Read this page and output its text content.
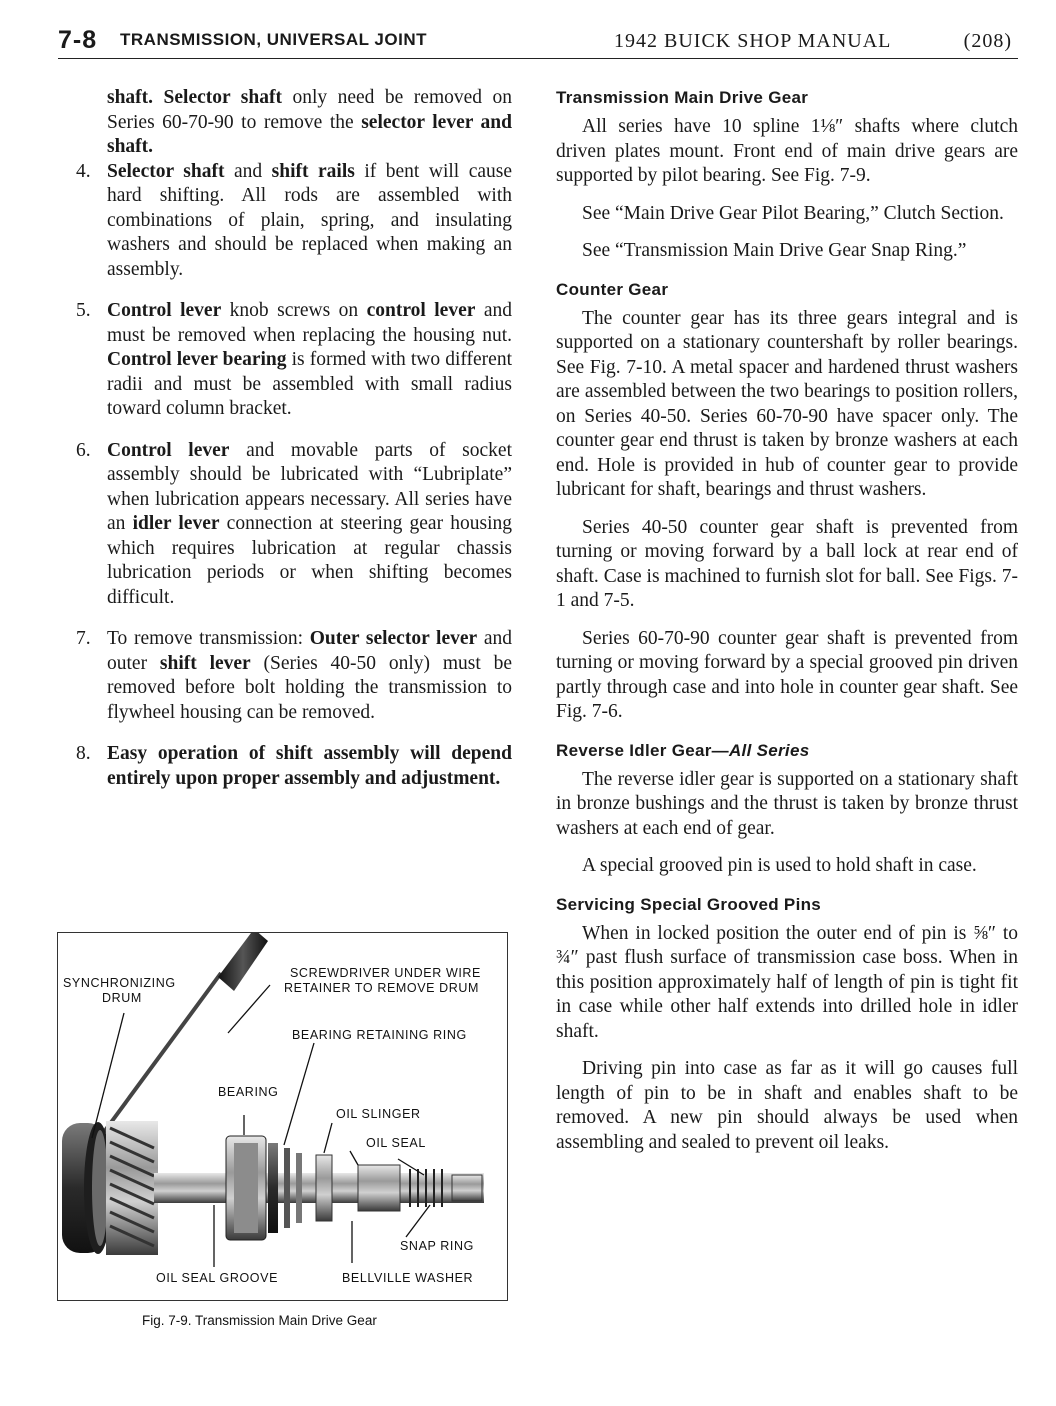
7-8 TRANSMISSION, UNIVERSAL JOINT	1942 BUICK SHOP MANUAL	(208)

shaft. Selector shaft only need be removed on Series 60-70-90 to remove the selector lever and shaft.

4. Selector shaft and shift rails if bent will cause hard shifting. All rods are assembled with combinations of plain, spring, and insulating washers and should be replaced when making an assembly.

5. Control lever knob screws on control lever and must be removed when replacing the housing nut. Control lever bearing is formed with two different radii and must be assembled with small radius toward column bracket.

6. Control lever and movable parts of socket assembly should be lubricated with “Lubriplate” when lubrication appears necessary. All series have an idler lever connection at steering gear housing which requires lubrication at regular chassis lubrication periods or when shifting becomes difficult.

7. To remove transmission: Outer selector lever and outer shift lever (Series 40-50 only) must be removed before bolt holding the transmission to flywheel housing can be removed.

8. Easy operation of shift assembly will depend entirely upon proper assembly and adjustment.

SYNCHRONIZING
DRUM
SCREWDRIVER UNDER WIRE
RETAINER TO REMOVE DRUM
BEARING RETAINING RING
BEARING
OIL SLINGER
OIL SEAL
SNAP RING
OIL SEAL GROOVE	BELLVILLE WASHER
Fig. 7-9. Transmission Main Drive Gear
Transmission Main Drive Gear

All series have 10 spline 1⅛″ shafts where clutch driven plates mount. Front end of main drive gears are supported by pilot bearing. See Fig. 7-9.

See “Main Drive Gear Pilot Bearing,” Clutch Section.

See “Transmission Main Drive Gear Snap Ring.”

Counter Gear

The counter gear has its three gears integral and is supported on a stationary countershaft by roller bearings. See Fig. 7-10. A metal spacer and hardened thrust washers are assembled between the two bearings to position rollers, on Series 40-50. Series 60-70-90 have spacer only. The counter gear end thrust is taken by bronze washers at each end. Hole is provided in hub of counter gear to provide lubricant for shaft, bearings and thrust washers.

Series 40-50 counter gear shaft is prevented from turning or moving forward by a ball lock at rear end of shaft. Case is machined to furnish slot for ball. See Figs. 7-1 and 7-5.

Series 60-70-90 counter gear shaft is prevented from turning or moving forward by a special grooved pin driven partly through case and into hole in counter gear shaft. See Fig. 7-6.

Reverse Idler Gear—All Series

The reverse idler gear is supported on a stationary shaft in bronze bushings and the thrust is taken by bronze thrust washers at each end of gear.

A special grooved pin is used to hold shaft in case.

Servicing Special Grooved Pins

When in locked position the outer end of pin is ⅝″ to ¾″ past flush surface of transmission case boss. When in this position approximately half of length of pin is tight fit in case while other half extends into drilled hole in idler shaft.

Driving pin into case as far as it will go causes full length of pin to be in shaft and enables shaft to be removed. A new pin should always be used when assembling and sealed to prevent oil leaks.
